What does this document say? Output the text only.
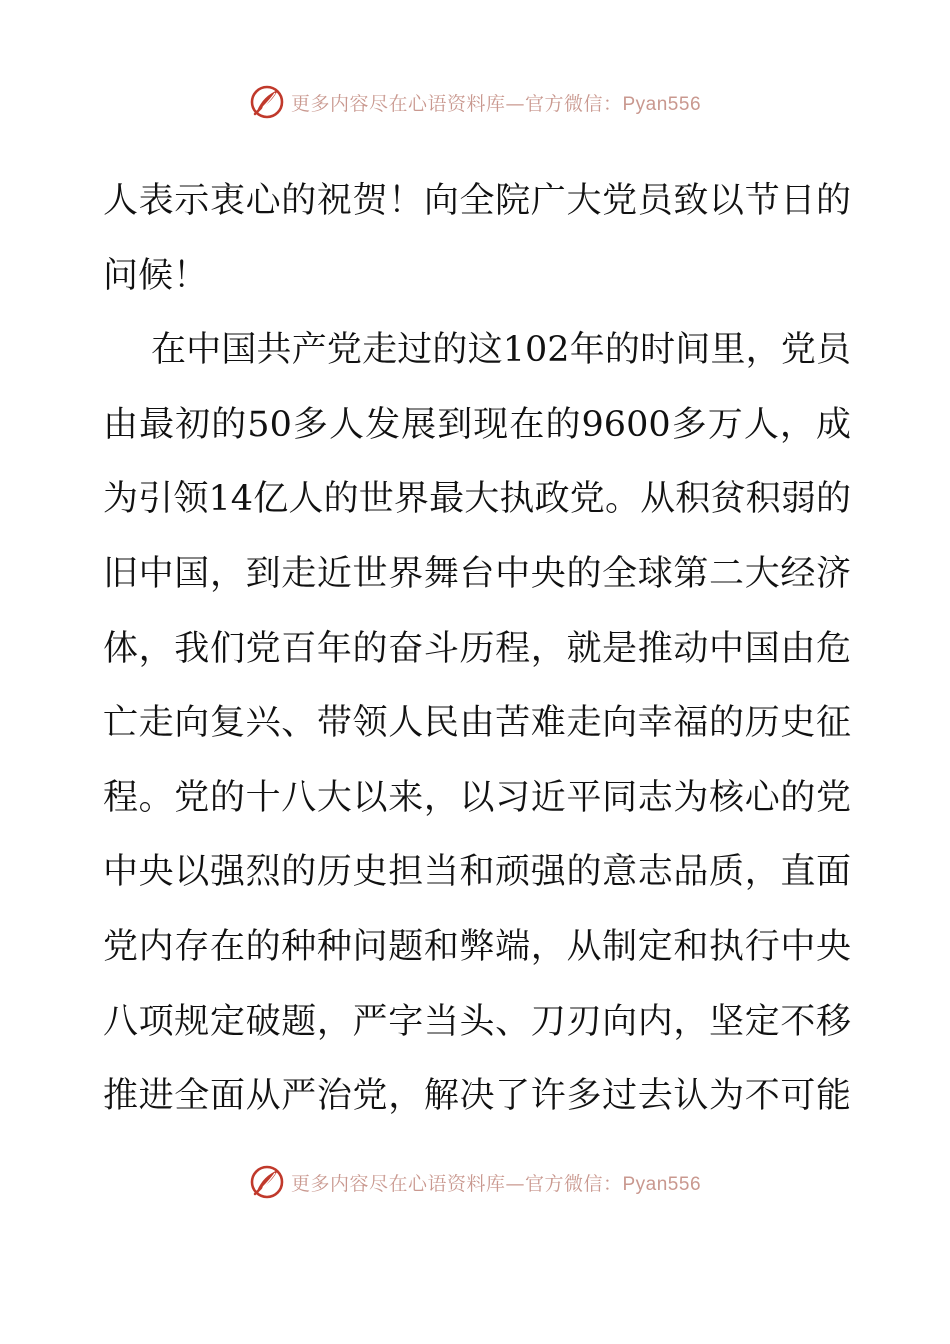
更多内容尽在心语资料库—官方微信：Pyan556
人表示衷心的祝贺！向全院广大党员致以节日的
问候！
在中国共产党走过的这102年的时间里，党员
由最初的50多人发展到现在的9600多万人，成
为引领14亿人的世界最大执政党。从积贫积弱的
旧中国，到走近世界舞台中央的全球第二大经济
体，我们党百年的奋斗历程，就是推动中国由危
亡走向复兴、带领人民由苦难走向幸福的历史征
程。党的十八大以来，以习近平同志为核心的党
中央以强烈的历史担当和顽强的意志品质，直面
党内存在的种种问题和弊端，从制定和执行中央
八项规定破题，严字当头、刀刃向内，坚定不移
推进全面从严治党，解决了许多过去认为不可能
更多内容尽在心语资料库—官方微信：Pyan556
